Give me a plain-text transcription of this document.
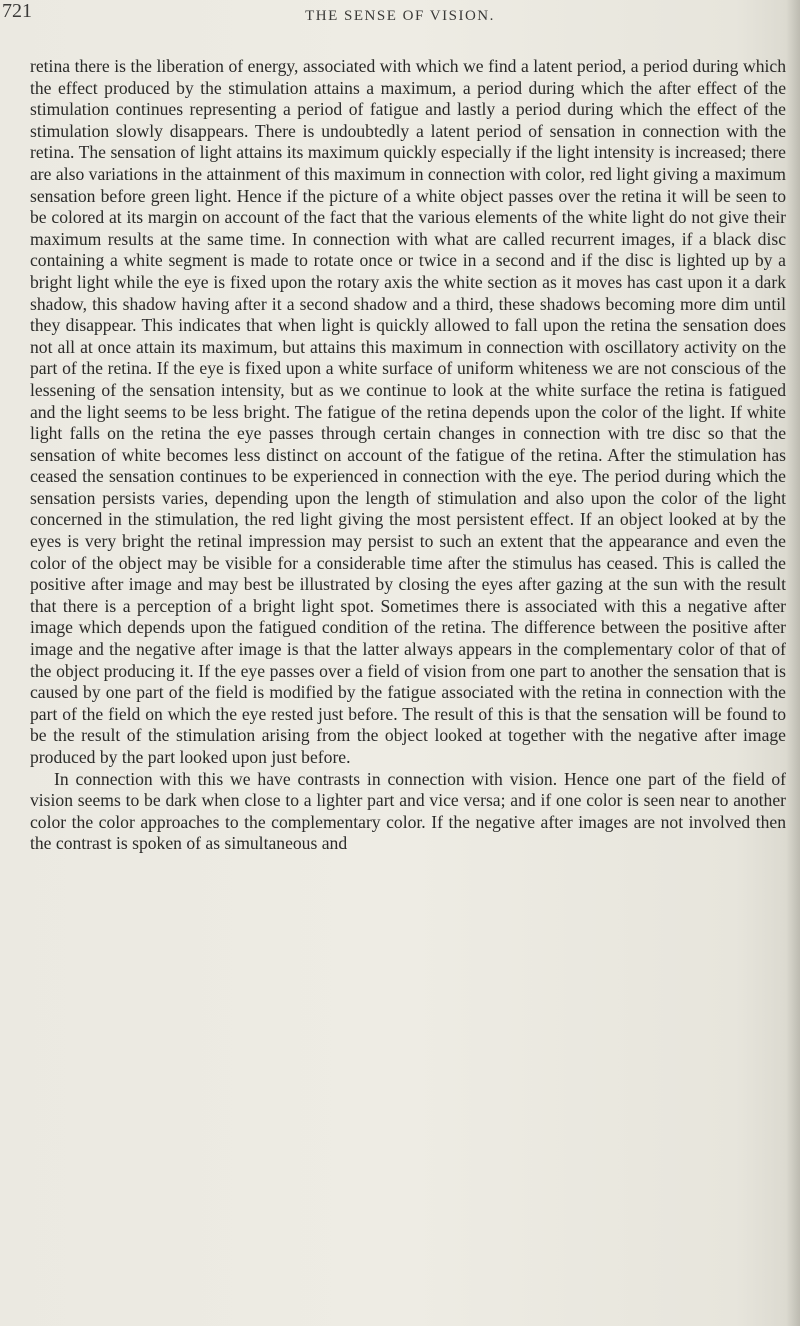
721	THE SENSE OF VISION.

retina there is the liberation of energy, associated with which we find a latent period, a period during which the effect produced by the stimulation attains a maximum, a period during which the after effect of the stimulation continues representing a period of fatigue and lastly a period during which the effect of the stimulation slowly disappears. There is undoubtedly a latent period of sensation in connection with the retina. The sensation of light attains its maximum quickly especially if the light intensity is increased; there are also variations in the attainment of this maximum in connection with color, red light giving a maximum sensation before green light. Hence if the picture of a white object passes over the retina it will be seen to be colored at its margin on account of the fact that the various elements of the white light do not give their maximum results at the same time. In connection with what are called recurrent images, if a black disc containing a white segment is made to rotate once or twice in a second and if the disc is lighted up by a bright light while the eye is fixed upon the rotary axis the white section as it moves has cast upon it a dark shadow, this shadow having after it a second shadow and a third, these shadows becoming more dim until they disappear. This indicates that when light is quickly allowed to fall upon the retina the sensation does not all at once attain its maximum, but attains this maximum in connection with oscillatory activity on the part of the retina. If the eye is fixed upon a white surface of uniform whiteness we are not conscious of the lessening of the sensation intensity, but as we continue to look at the white surface the retina is fatigued and the light seems to be less bright. The fatigue of the retina depends upon the color of the light. If white light falls on the retina the eye passes through certain changes in connection with tre disc so that the sensation of white becomes less distinct on account of the fatigue of the retina. After the stimulation has ceased the sensation continues to be experienced in connection with the eye. The period during which the sensation persists varies, depending upon the length of stimulation and also upon the color of the light concerned in the stimulation, the red light giving the most persistent effect. If an object looked at by the eyes is very bright the retinal impression may persist to such an extent that the appearance and even the color of the object may be visible for a considerable time after the stimulus has ceased. This is called the positive after image and may best be illustrated by closing the eyes after gazing at the sun with the result that there is a perception of a bright light spot. Sometimes there is associated with this a negative after image which depends upon the fatigued condition of the retina. The difference between the positive after image and the negative after image is that the latter always appears in the complementary color of that of the object producing it. If the eye passes over a field of vision from one part to another the sensation that is caused by one part of the field is modified by the fatigue associated with the retina in connection with the part of the field on which the eye rested just before. The result of this is that the sensation will be found to be the result of the stimulation arising from the object looked at together with the negative after image produced by the part looked upon just before.

In connection with this we have contrasts in connection with vision. Hence one part of the field of vision seems to be dark when close to a lighter part and vice versa; and if one color is seen near to another color the color approaches to the complementary color. If the negative after images are not involved then the contrast is spoken of as simultaneous and
